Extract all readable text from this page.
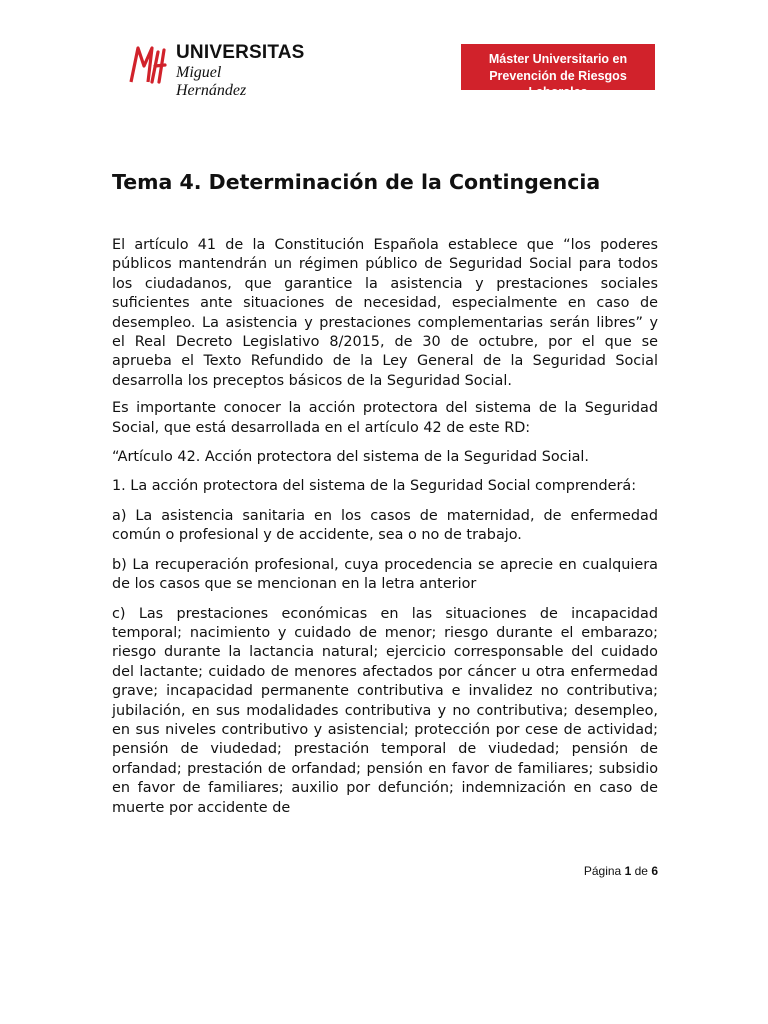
UNIVERSITAS
Miguel Hernández
Máster Universitario en
Prevención de Riesgos Laborales
Tema 4. Determinación de la Contingencia

El artículo 41 de la Constitución Española establece que “los poderes públicos mantendrán un régimen público de Seguridad Social para todos los ciudadanos, que garantice la asistencia y prestaciones sociales suficientes ante situaciones de necesidad, especialmente en caso de desempleo. La asistencia y prestaciones complementarias serán libres” y el Real Decreto Legislativo 8/2015, de 30 de octubre, por el que se aprueba el Texto Refundido de la Ley General de la Seguridad Social desarrolla los preceptos básicos de la Seguridad Social.

Es importante conocer la acción protectora del sistema de la Seguridad Social, que está desarrollada en el artículo 42 de este RD:

“Artículo 42. Acción protectora del sistema de la Seguridad Social.

1. La acción protectora del sistema de la Seguridad Social comprenderá:

a) La asistencia sanitaria en los casos de maternidad, de enfermedad común o profesional y de accidente, sea o no de trabajo.

b) La recuperación profesional, cuya procedencia se aprecie en cualquiera de los casos que se mencionan en la letra anterior

c) Las prestaciones económicas en las situaciones de incapacidad temporal; nacimiento y cuidado de menor; riesgo durante el embarazo; riesgo durante la lactancia natural; ejercicio corresponsable del cuidado del lactante; cuidado de menores afectados por cáncer u otra enfermedad grave; incapacidad permanente contributiva e invalidez no contributiva; jubilación, en sus modalidades contributiva y no contributiva; desempleo, en sus niveles contributivo y asistencial; protección por cese de actividad; pensión de viudedad; prestación temporal de viudedad; pensión de orfandad; prestación de orfandad; pensión en favor de familiares; subsidio en favor de familiares; auxilio por defunción; indemnización en caso de muerte por accidente de

Página 1 de 6
